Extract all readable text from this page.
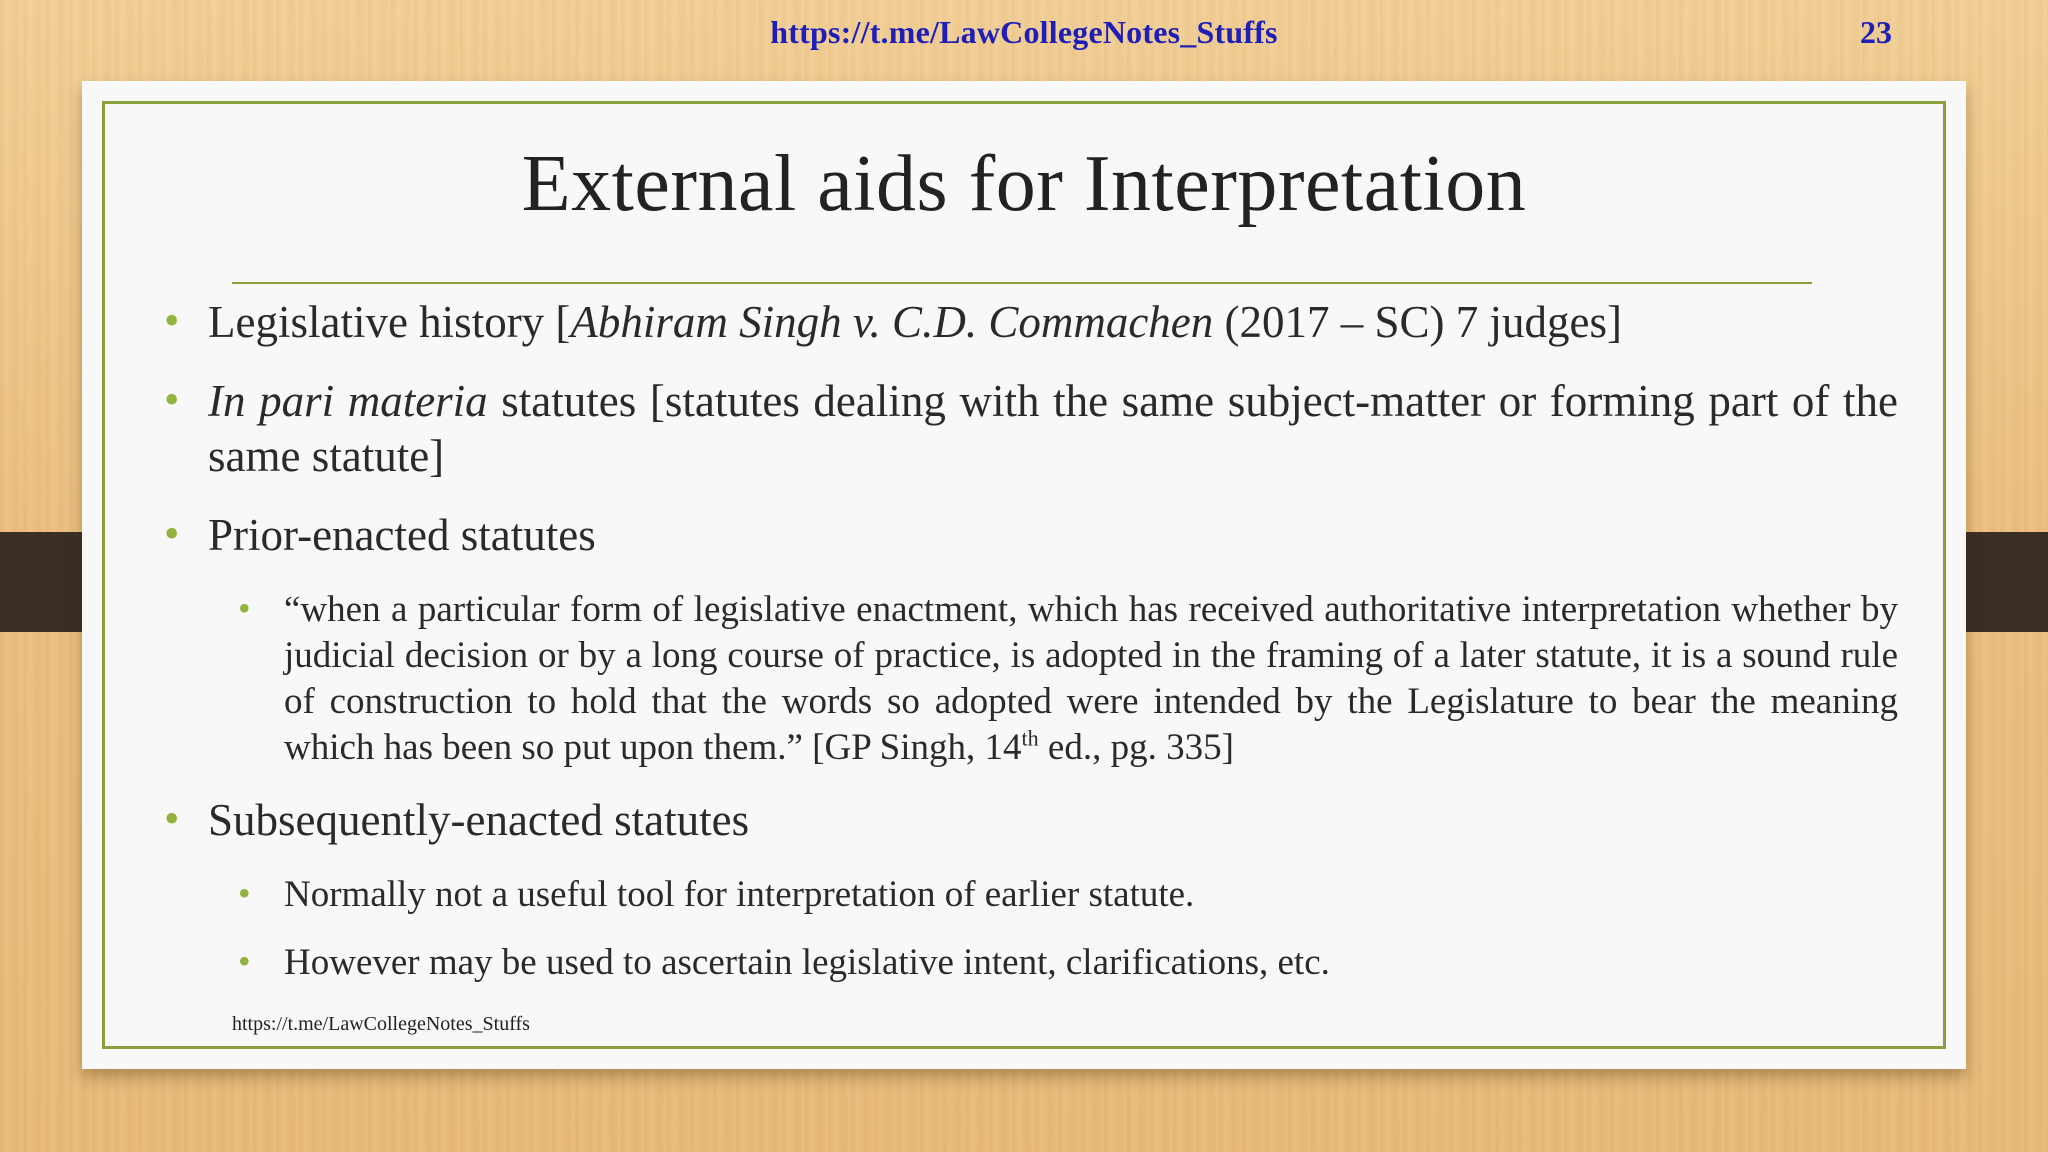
https://t.me/LawCollegeNotes_Stuffs	23
External aids for Interpretation
• Legislative history [Abhiram Singh v. C.D. Commachen (2017 – SC) 7 judges]
• In pari materia statutes [statutes dealing with the same subject-matter or forming part of the same statute]
• Prior-enacted statutes
• “when a particular form of legislative enactment, which has received authoritative interpretation whether by judicial decision or by a long course of practice, is adopted in the framing of a later statute, it is a sound rule of construction to hold that the words so adopted were intended by the Legislature to bear the meaning which has been so put upon them.” [GP Singh, 14th ed., pg. 335]
• Subsequently-enacted statutes
• Normally not a useful tool for interpretation of earlier statute.
• However may be used to ascertain legislative intent, clarifications, etc.
https://t.me/LawCollegeNotes_Stuffs
